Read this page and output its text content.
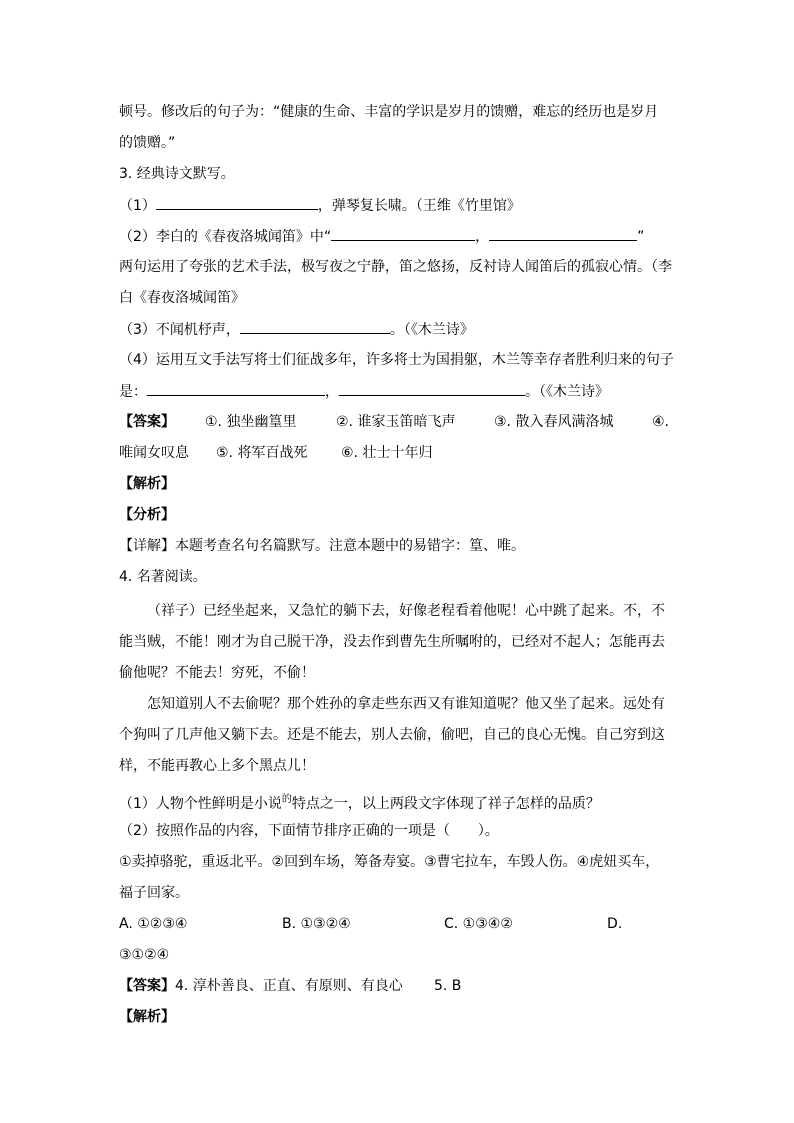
顿号。修改后的句子为：“健康的生命、丰富的学识是岁月的馈赠，难忘的经历也是岁月
的馈赠。”
3. 经典诗文默写。
（1）	，弹琴复长啸。（王维《竹里馆》
（2）李白的《春夜洛城闻笛》中“	，	”
两句运用了夸张的艺术手法，极写夜之宁静，笛之悠扬，反衬诗人闻笛后的孤寂心情。（李
白《春夜洛城闻笛》
（3）不闻机杼声，	。（《木兰诗》
（4）运用互文手法写将士们征战多年，许多将士为国捐躯，木兰等幸存者胜利归来的句子
是：	，	。（《木兰诗》
【答案】 ①. 独坐幽篁里	②. 谁家玉笛暗飞声	③. 散入春风满洛城	④.
唯闻女叹息 ⑤. 将军百战死 ⑥. 壮士十年归
【解析】
【分析】
【详解】本题考查名句名篇默写。注意本题中的易错字：篁、唯。
4. 名著阅读。
（祥子）已经坐起来，又急忙的躺下去，好像老程看着他呢！心中跳了起来。不，不
能当贼，不能！刚才为自己脱干净，没去作到曹先生所嘱咐的，已经对不起人；怎能再去
偷他呢？不能去！穷死，不偷！
怎知道别人不去偷呢？那个姓孙的拿走些东西又有谁知道呢？他又坐了起来。远处有
个狗叫了几声他又躺下去。还是不能去，别人去偷，偷吧，自己的良心无愧。自己穷到这
样，不能再教心上多个黑点儿！
（1）人物个性鲜明是小说$^的$特点之一，以上两段文字体现了祥子怎样的品质？
（2）按照作品的内容，下面情节排序正确的一项是（　　）。
①卖掉骆驼，重返北平。②回到车场，筹备寿宴。③曹宅拉车，车毁人伤。④虎妞买车，
福子回家。
A. ①②③④	B. ①③②④	C. ①③④②	D.
③①②④
【答案】4. 淳朴善良、正直、有原则、有良心 5. B
【解析】
